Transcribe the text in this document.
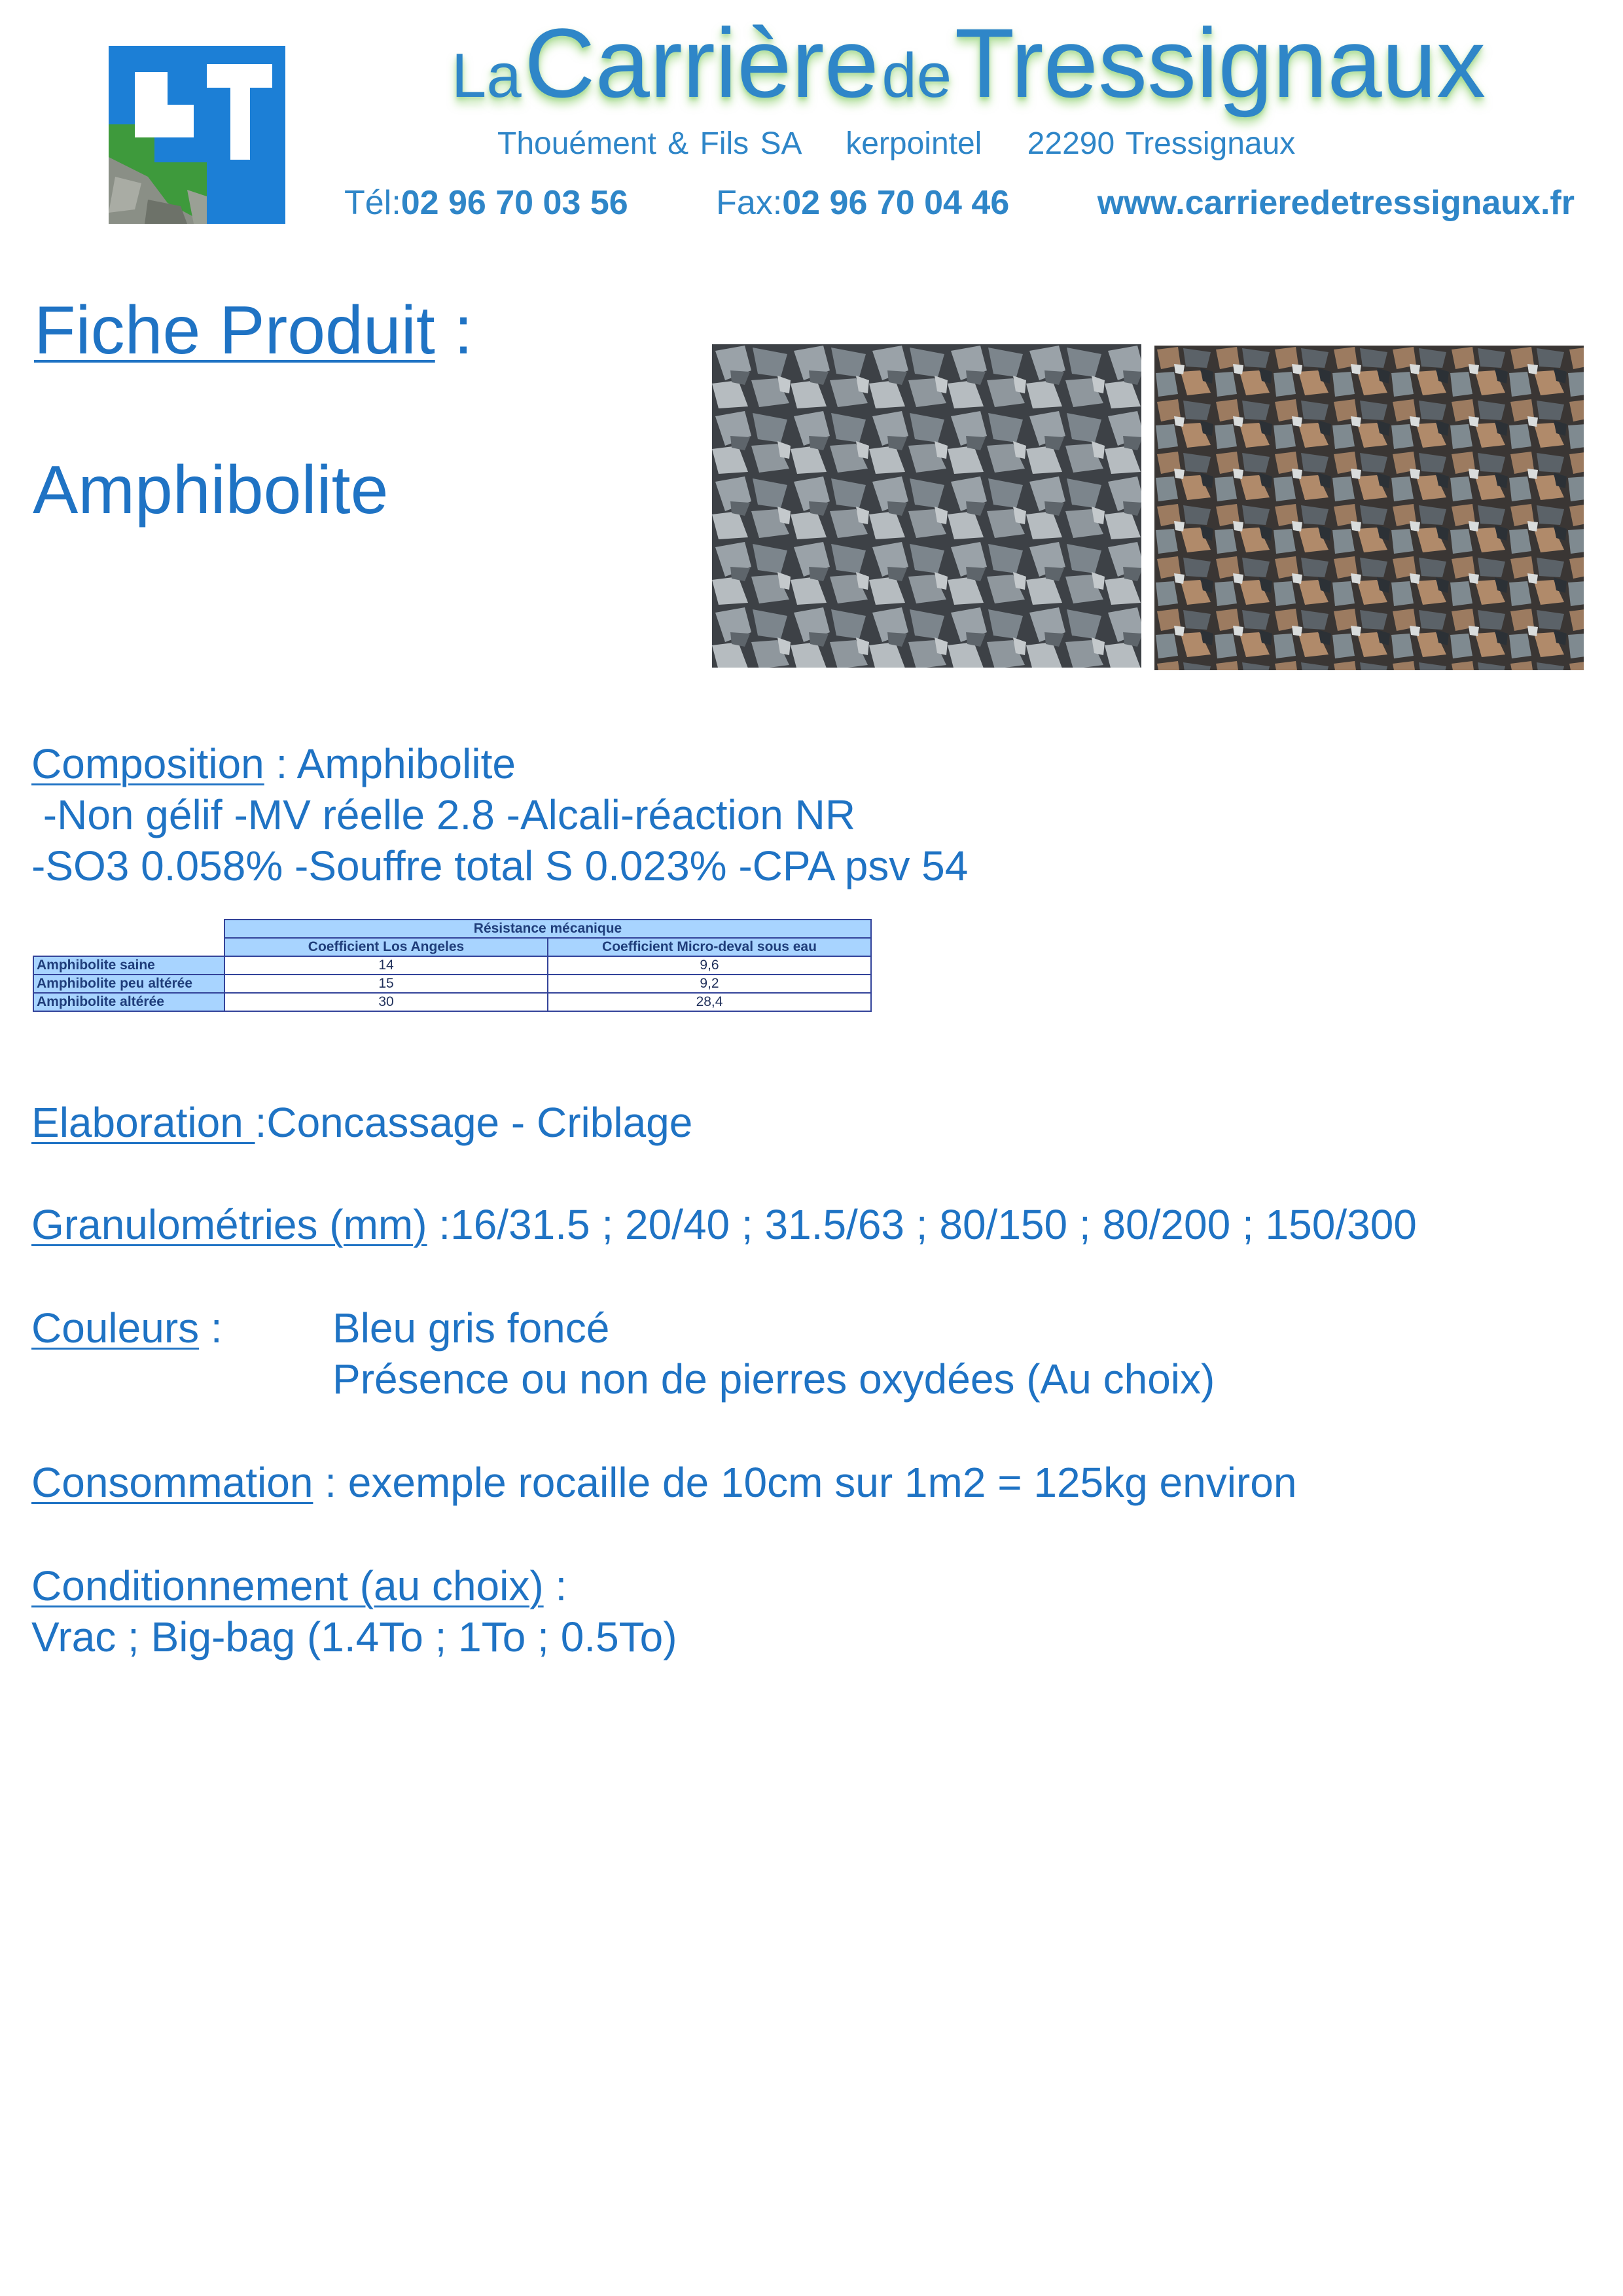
La Carrière de Tressignaux
Thouément & Fils SA    kerpointel    22290 Tressignaux
Tél:02 96 70 03 56	Fax:02 96 70 04 46	www.carrieredetressignaux.fr
Fiche Produit :
Amphibolite
Composition : Amphibolite
-Non gélif -MV réelle 2.8 -Alcali-réaction NR
-SO3 0.058% -Souffre total S 0.023% -CPA psv 54
	Résistance mécanique	
	Coefficient Los Angeles	Coefficient Micro-deval sous eau
Amphibolite saine	14	9,6
Amphibolite peu altérée	15	9,2
Amphibolite altérée	30	28,4
Elaboration :Concassage - Criblage
Granulométries (mm) :16/31.5 ; 20/40 ; 31.5/63 ; 80/150 ; 80/200 ; 150/300
Couleurs :	Bleu gris foncé
Présence ou non de pierres oxydées (Au choix)
Consommation : exemple rocaille de 10cm sur 1m2 = 125kg environ
Conditionnement (au choix) :
Vrac ; Big-bag (1.4To ; 1To ; 0.5To)
